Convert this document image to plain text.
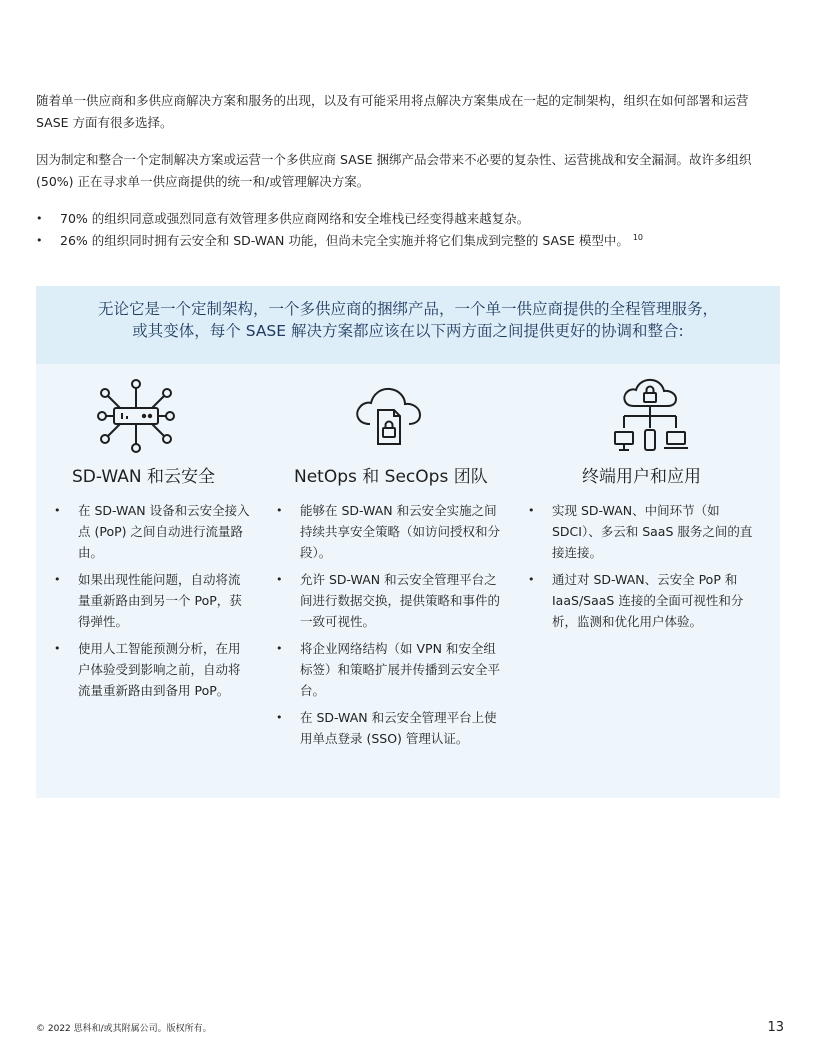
随着单一供应商和多供应商解决方案和服务的出现，以及有可能采用将点解决方案集成在一起的定制架构，组织在如何部署和运营 SASE 方面有很多选择。

因为制定和整合一个定制解决方案或运营一个多供应商 SASE 捆绑产品会带来不必要的复杂性、运营挑战和安全漏洞。故许多组织 (50%) 正在寻求单一供应商提供的统一和/或管理解决方案。

• 70% 的组织同意或强烈同意有效管理多供应商网络和安全堆栈已经变得越来越复杂。
• 26% 的组织同时拥有云安全和 SD-WAN 功能，但尚未完全实施并将它们集成到完整的 SASE 模型中。 $^{10}$

无论它是一个定制架构，一个多供应商的捆绑产品，一个单一供应商提供的全程管理服务，

或其变体，每个 SASE 解决方案都应该在以下两方面之间提供更好的协调和整合:

SD-WAN 和云安全
• 在 SD-WAN 设备和云安全接入点 (PoP) 之间自动进行流量路由。
• 如果出现性能问题，自动将流量重新路由到另一个 PoP，获得弹性。
• 使用人工智能预测分析，在用户体验受到影响之前，自动将流量重新路由到备用 PoP。
NetOps 和 SecOps 团队
• 能够在 SD-WAN 和云安全实施之间持续共享安全策略（如访问授权和分段）。
• 允许 SD-WAN 和云安全管理平台之间进行数据交换，提供策略和事件的一致可视性。
• 将企业网络结构（如 VPN 和安全组标签）和策略扩展并传播到云安全平台。
• 在 SD-WAN 和云安全管理平台上使用单点登录 (SSO) 管理认证。
终端用户和应用
• 实现 SD-WAN、中间环节（如 SDCI）、多云和 SaaS 服务之间的直接连接。
• 通过对 SD-WAN、云安全 PoP 和 IaaS/SaaS 连接的全面可视性和分析，监测和优化用户体验。

© 2022 思科和/或其附属公司。版权所有。	13
